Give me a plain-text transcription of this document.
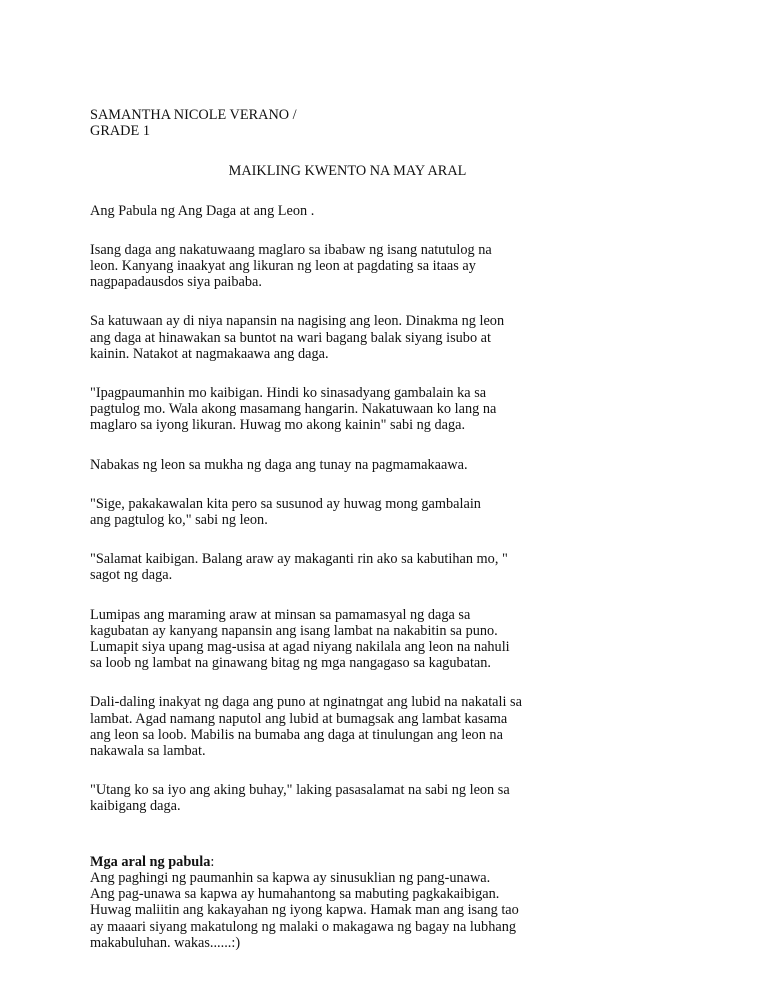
SAMANTHA NICOLE VERANO /

GRADE 1

MAIKLING KWENTO NA MAY ARAL

Ang Pabula ng Ang Daga at ang Leon .

Isang daga ang nakatuwaang maglaro sa ibabaw ng isang natutulog na
leon. Kanyang inaakyat ang likuran ng leon at pagdating sa itaas ay
nagpapadausdos siya paibaba.

Sa katuwaan ay di niya napansin na nagising ang leon. Dinakma ng leon
ang daga at hinawakan sa buntot na wari bagang balak siyang isubo at
kainin. Natakot at nagmakaawa ang daga.

"Ipagpaumanhin mo kaibigan. Hindi ko sinasadyang gambalain ka sa
pagtulog mo. Wala akong masamang hangarin. Nakatuwaan ko lang na
maglaro sa iyong likuran. Huwag mo akong kainin" sabi ng daga.

Nabakas ng leon sa mukha ng daga ang tunay na pagmamakaawa.

"Sige, pakakawalan kita pero sa susunod ay huwag mong gambalain
ang pagtulog ko," sabi ng leon.

"Salamat kaibigan. Balang araw ay makaganti rin ako sa kabutihan mo, "
sagot ng daga.

Lumipas ang maraming araw at minsan sa pamamasyal ng daga sa
kagubatan ay kanyang napansin ang isang lambat na nakabitin sa puno.
Lumapit siya upang mag-usisa at agad niyang nakilala ang leon na nahuli
sa loob ng lambat na ginawang bitag ng mga nangagaso sa kagubatan.

Dali-daling inakyat ng daga ang puno at nginatngat ang lubid na nakatali sa
lambat. Agad namang naputol ang lubid at bumagsak ang lambat kasama
ang leon sa loob. Mabilis na bumaba ang daga at tinulungan ang leon na
nakawala sa lambat.

"Utang ko sa iyo ang aking buhay," laking pasasalamat na sabi ng leon sa
kaibigang daga.

Mga aral ng pabula:
Ang paghingi ng paumanhin sa kapwa ay sinusuklian ng pang-unawa.
Ang pag-unawa sa kapwa ay humahantong sa mabuting pagkakaibigan.
Huwag maliitin ang kakayahan ng iyong kapwa. Hamak man ang isang tao
ay maaari siyang makatulong ng malaki o makagawa ng bagay na lubhang
makabuluhan. wakas......:)
